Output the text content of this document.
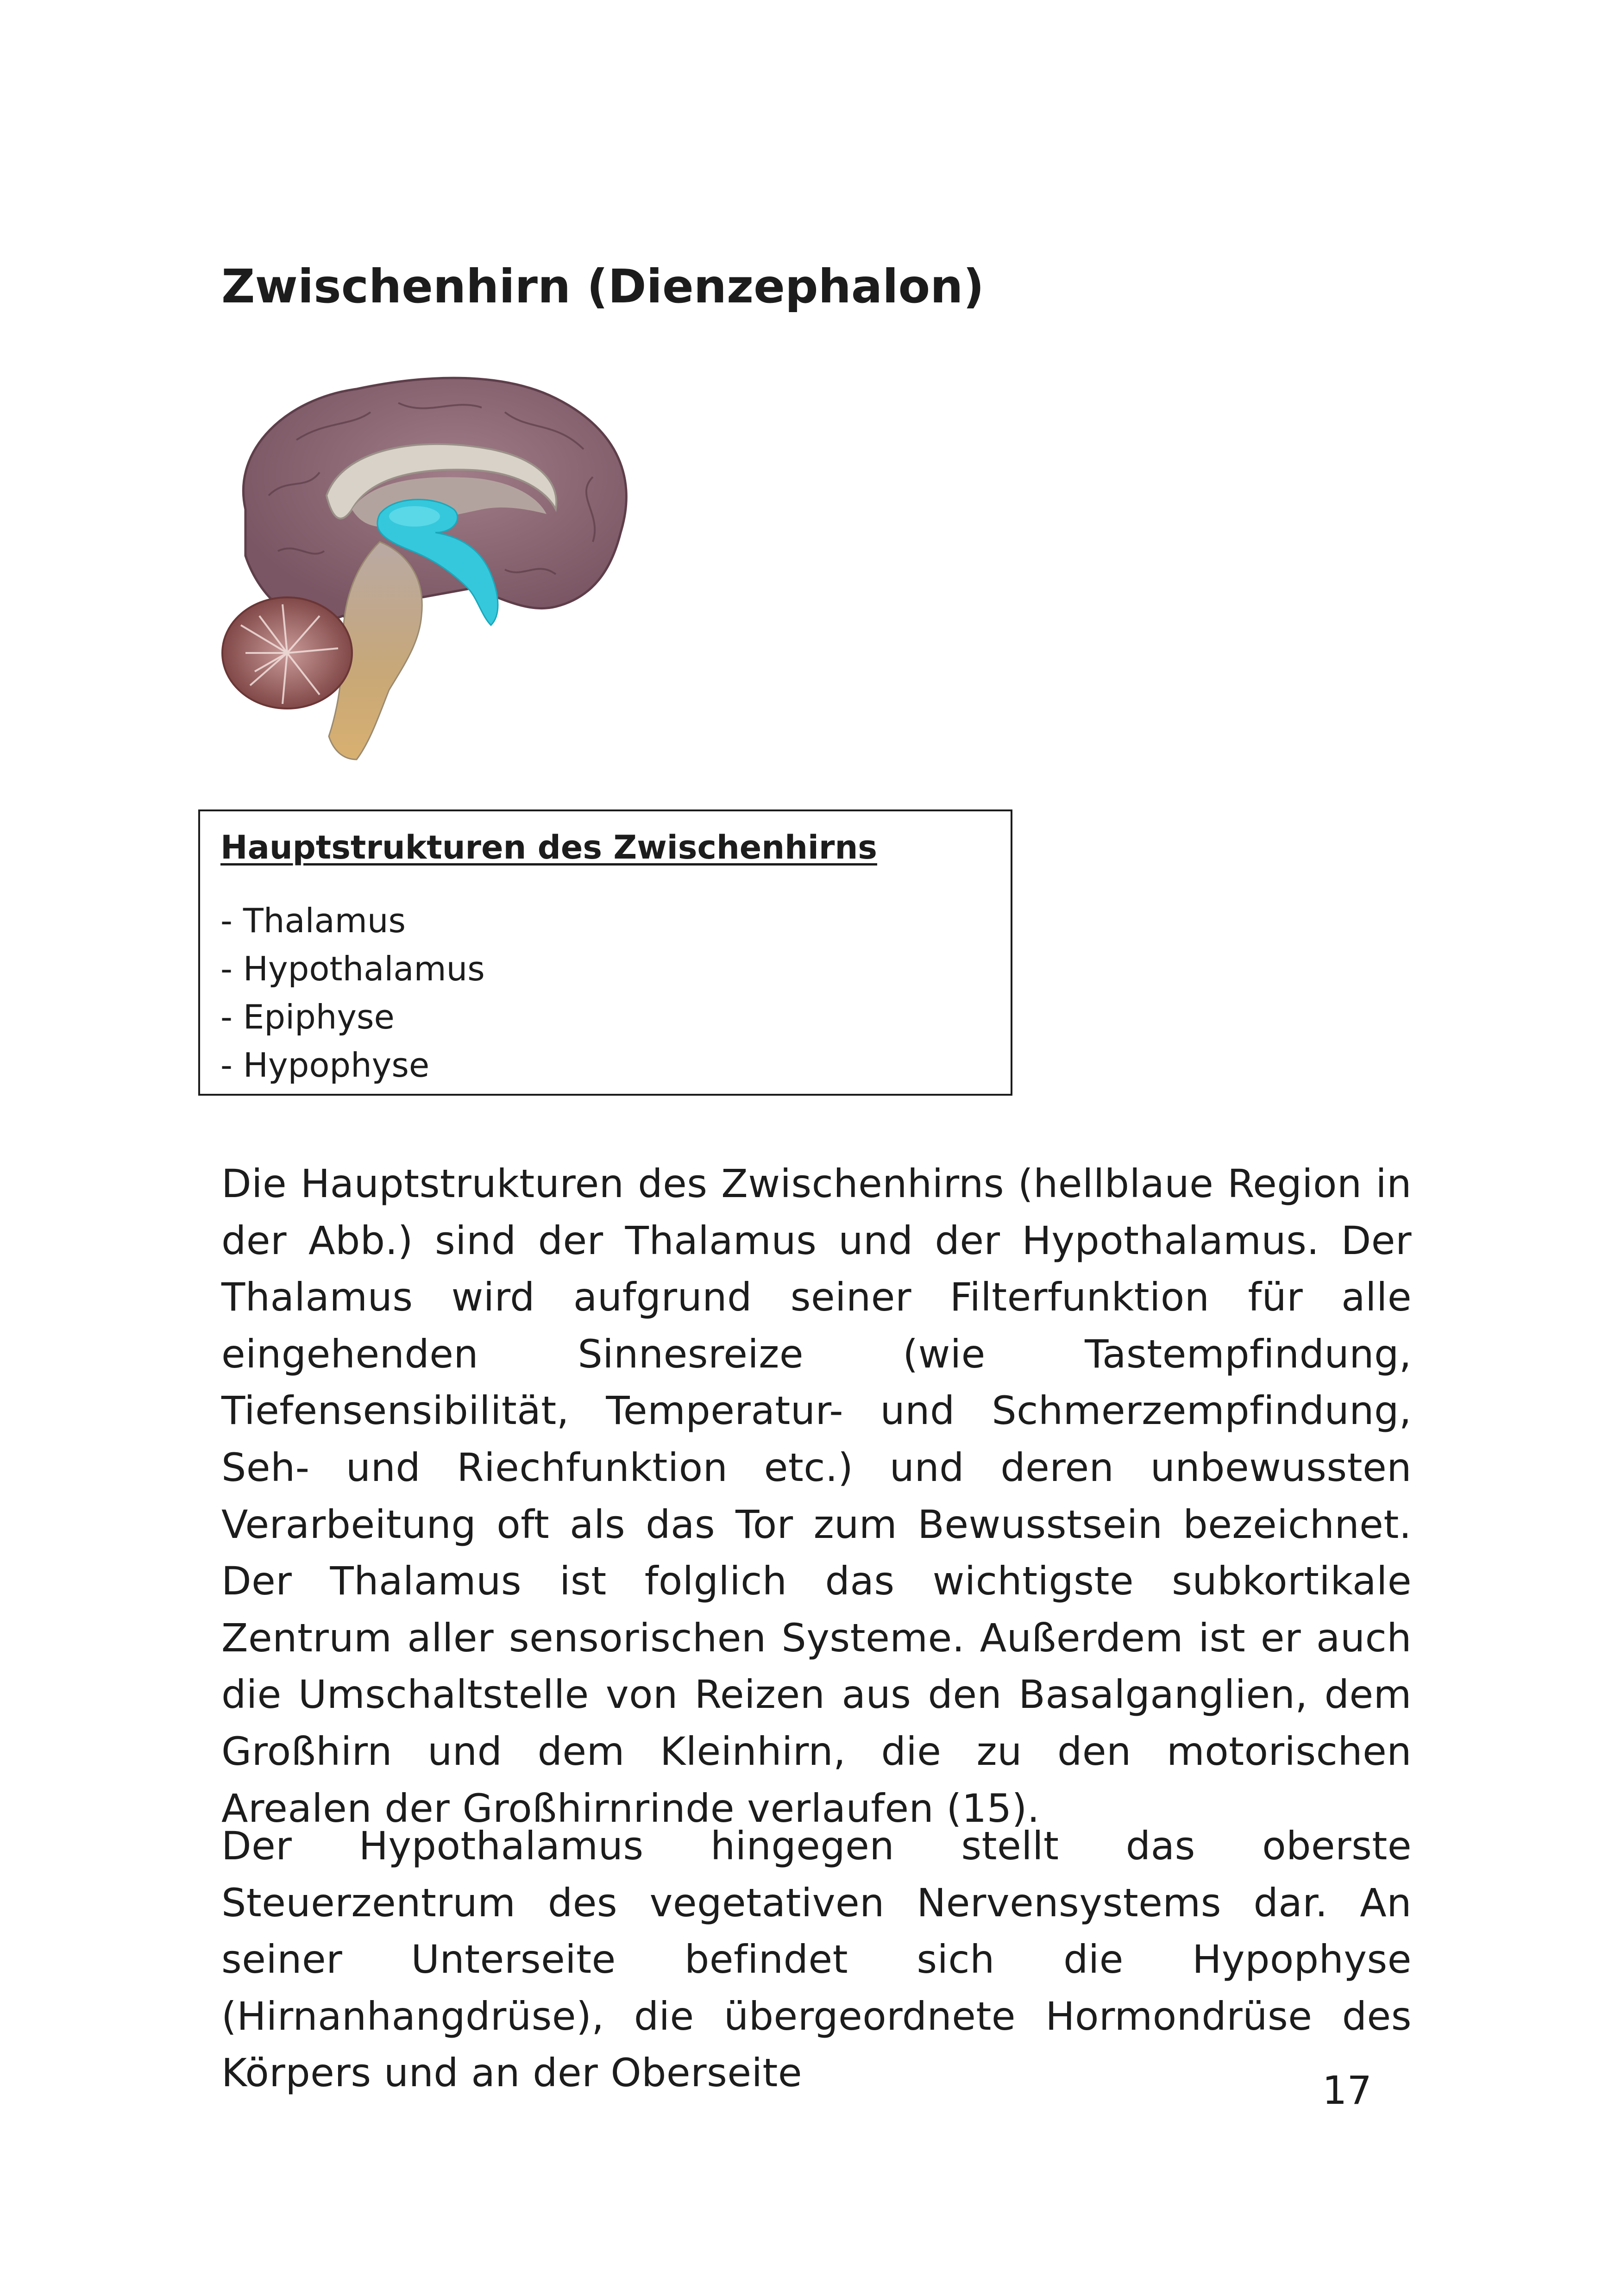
Zwischenhirn (Dienzephalon)

Hauptstrukturen des Zwischenhirns

- Thalamus
- Hypothalamus
- Epiphyse
- Hypophyse

Die Hauptstrukturen des Zwischenhirns (hellblaue Region in der Abb.) sind der Thalamus und der Hypothalamus. Der Thalamus wird aufgrund seiner Filterfunktion für alle eingehenden Sinnesreize (wie Tastempfindung, Tiefensensibilität, Temperatur- und Schmerzempfindung, Seh- und Riechfunktion etc.) und deren unbewussten Verarbeitung oft als das Tor zum Bewusstsein bezeichnet. Der Thalamus ist folglich das wichtigste subkortikale Zentrum aller sensorischen Systeme. Außerdem ist er auch die Umschaltstelle von Reizen aus den Basalganglien, dem Großhirn und dem Kleinhirn, die zu den motorischen Arealen der Großhirnrinde verlaufen (15).

Der Hypothalamus hingegen stellt das oberste Steuerzentrum des vegetativen Nervensystems dar. An seiner Unterseite befindet sich die Hypophyse (Hirnanhangdrüse), die übergeordnete Hormondrüse des Körpers und an der Oberseite	17
